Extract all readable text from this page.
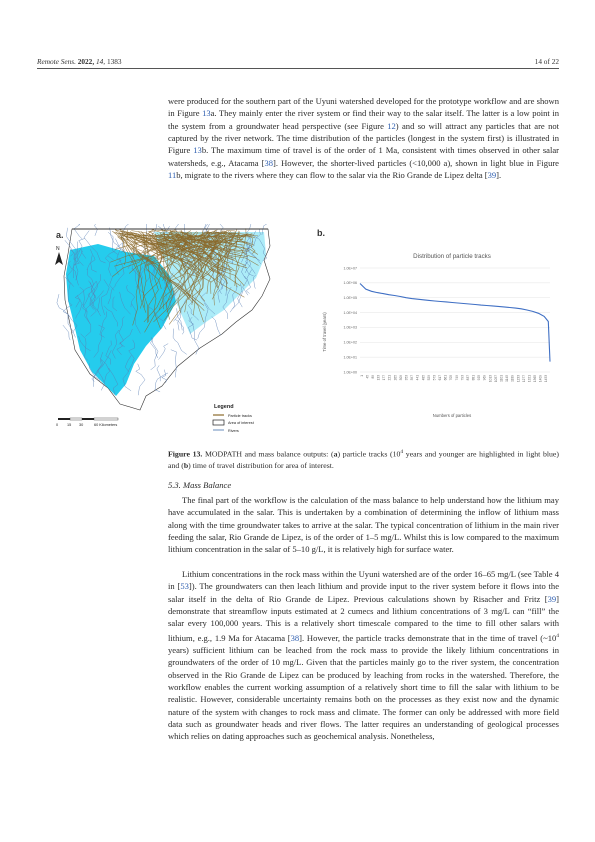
Remote Sens. 2022, 14, 1383	14 of 22

were produced for the southern part of the Uyuni watershed developed for the prototype workflow and are shown in Figure 13a. They mainly enter the river system or find their way to the salar itself. The latter is a low point in the system from a groundwater head perspective (see Figure 12) and so will attract any particles that are not captured by the river network. The time distribution of the particles (longest in the system first) is illustrated in Figure 13b. The maximum time of travel is of the order of 1 Ma, consistent with times observed in other salar watersheds, e.g., Atacama [38]. However, the shorter-lived particles (<10,000 a), shown in light blue in Figure 11b, migrate to the rivers where they can flow to the salar via the Rio Grande de Lipez delta [39].

a.
N
Legend
Particle tracks
Area of interest
Rivers
0 15 30	60 Kilometers
b.
Distribution of particle tracks
Time of travel (years)
Numbers of particles
1.0E+00
1.0E+01
1.0E+02
1.0E+03
1.0E+04
1.0E+05
1.0E+06
1.0E+07
1 45 89 133 177 221 265 309 353 397 441 485 529 573 617 661 705 749 793 837 881 925 969 1013 1057 1101 1145 1189 1233 1277 1321 1365 1409 1453

Figure 13. MODPATH and mass balance outputs: (a) particle tracks ($10^4$ years and younger are highlighted in light blue) and (b) time of travel distribution for area of interest.

5.3. Mass Balance

The final part of the workflow is the calculation of the mass balance to help understand how the lithium may have accumulated in the salar. This is undertaken by a combination of determining the inflow of lithium mass along with the time groundwater takes to arrive at the salar. The typical concentration of lithium in the main river feeding the salar, Rio Grande de Lipez, is of the order of 1–5 mg/L. Whilst this is low compared to the maximum lithium concentration in the salar of 5–10 g/L, it is relatively high for surface water.

Lithium concentrations in the rock mass within the Uyuni watershed are of the order 16–65 mg/L (see Table 4 in [53]). The groundwaters can then leach lithium and provide input to the river system before it flows into the salar itself in the delta of Rio Grande de Lipez. Previous calculations shown by Risacher and Fritz [39] demonstrate that streamflow inputs estimated at 2 cumecs and lithium concentrations of 3 mg/L can “fill” the salar every 100,000 years. This is a relatively short timescale compared to the time to fill other salars with lithium, e.g., 1.9 Ma for Atacama [38]. However, the particle tracks demonstrate that in the time of travel ($\sim 10^4$ years) sufficient lithium can be leached from the rock mass to provide the likely lithium concentrations in groundwaters of the order of 10 mg/L. Given that the particles mainly go to the river system, the concentration observed in the Rio Grande de Lipez can be produced by leaching from rocks in the watershed. Therefore, the workflow enables the current working assumption of a relatively short time to fill the salar with lithium to be realistic. However, considerable uncertainty remains both on the processes as they exist now and the dynamic nature of the system with changes to rock mass and climate. The former can only be addressed with more field data such as groundwater heads and river flows. The latter requires an understanding of geological processes which relies on dating approaches such as geochemical analysis. Nonetheless,
